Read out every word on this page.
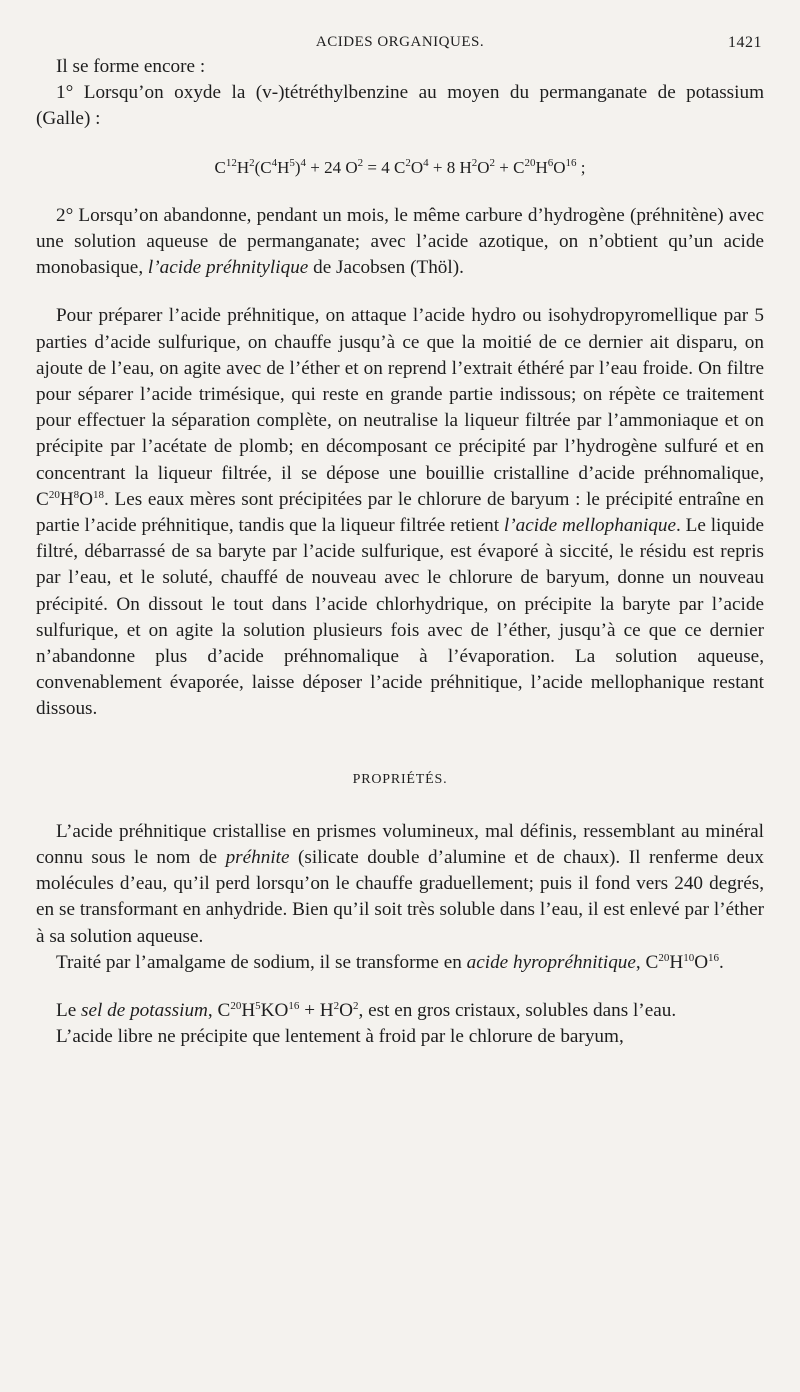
ACIDES ORGANIQUES.	1421

Il se forme encore :

1° Lorsqu’on oxyde la (v-)tétréthylbenzine au moyen du permanganate de potassium (Galle) :

$C^{12}H^2(C^4H^5)^4 + 24$ $O^2 = 4$ $C^2O^4 + 8$ $H^2O^2 + C^{20}H^6O^{16}$ ;

2° Lorsqu’on abandonne, pendant un mois, le même carbure d’hydrogène (préhnitène) avec une solution aqueuse de permanganate; avec l’acide azotique, on n’obtient qu’un acide monobasique, l’acide préhnitylique de Jacobsen (Thöl).

Pour préparer l’acide préhnitique, on attaque l’acide hydro ou isohydropyromellique par 5 parties d’acide sulfurique, on chauffe jusqu’à ce que la moitié de ce dernier ait disparu, on ajoute de l’eau, on agite avec de l’éther et on reprend l’extrait éthéré par l’eau froide. On filtre pour séparer l’acide trimésique, qui reste en grande partie indissous; on répète ce traitement pour effectuer la séparation complète, on neutralise la liqueur filtrée par l’ammoniaque et on précipite par l’acétate de plomb; en décomposant ce précipité par l’hydrogène sulfuré et en concentrant la liqueur filtrée, il se dépose une bouillie cristalline d’acide préhnomalique, $C^{20}H^8O^{18}$. Les eaux mères sont précipitées par le chlorure de baryum : le précipité entraîne en partie l’acide préhnitique, tandis que la liqueur filtrée retient l’acide mellophanique. Le liquide filtré, débarrassé de sa baryte par l’acide sulfurique, est évaporé à siccité, le résidu est repris par l’eau, et le soluté, chauffé de nouveau avec le chlorure de baryum, donne un nouveau précipité. On dissout le tout dans l’acide chlorhydrique, on précipite la baryte par l’acide sulfurique, et on agite la solution plusieurs fois avec de l’éther, jusqu’à ce que ce dernier n’abandonne plus d’acide préhnomalique à l’évaporation. La solution aqueuse, convenablement évaporée, laisse déposer l’acide préhnitique, l’acide mellophanique restant dissous.

PROPRIÉTÉS.

L’acide préhnitique cristallise en prismes volumineux, mal définis, ressemblant au minéral connu sous le nom de préhnite (silicate double d’alumine et de chaux). Il renferme deux molécules d’eau, qu’il perd lorsqu’on le chauffe graduellement; puis il fond vers 240 degrés, en se transformant en anhydride. Bien qu’il soit très soluble dans l’eau, il est enlevé par l’éther à sa solution aqueuse.

Traité par l’amalgame de sodium, il se transforme en acide hyropréhnitique, $C^{20}H^{10}O^{16}$.

Le sel de potassium, $C^{20}H^5KO^{16} + H^2O^2$, est en gros cristaux, solubles dans l’eau.

L’acide libre ne précipite que lentement à froid par le chlorure de baryum,
